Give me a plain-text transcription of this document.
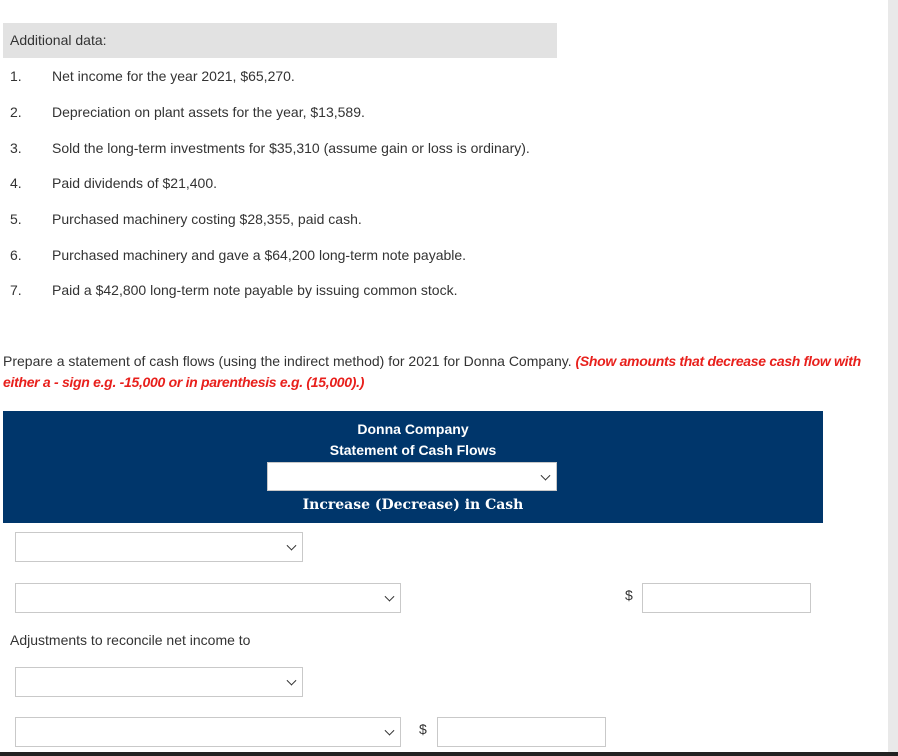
Additional data:
1.	Net income for the year 2021, $65,270.
2.	Depreciation on plant assets for the year, $13,589.
3.	Sold the long-term investments for $35,310 (assume gain or loss is ordinary).
4.	Paid dividends of $21,400.
5.	Purchased machinery costing $28,355, paid cash.
6.	Purchased machinery and gave a $64,200 long-term note payable.
7.	Paid a $42,800 long-term note payable by issuing common stock.
Prepare a statement of cash flows (using the indirect method) for 2021 for Donna Company. (Show amounts that decrease cash flow with either a - sign e.g. -15,000 or in parenthesis e.g. (15,000).)
Donna Company
Statement of Cash Flows
Increase (Decrease) in Cash
$
Adjustments to reconcile net income to
$
